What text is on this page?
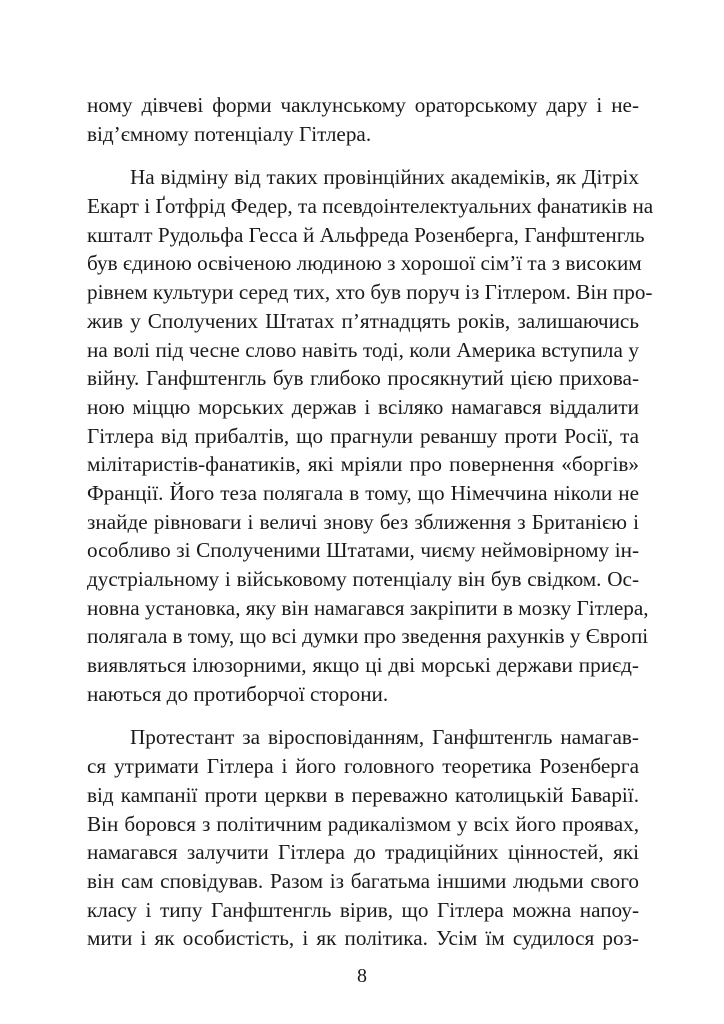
ному дівчеві форми чаклунському ораторському дару і не-
від’ємному потенціалу Гітлера.
На відміну від таких провінційних академіків, як Дітріх
Екарт і Ґотфрід Федер, та псевдоінтелектуальних фанатиків на
кшталт Рудольфа Гесса й Альфреда Розенберга, Ганфштенгль
був єдиною освіченою людиною з хорошої сім’ї та з високим
рівнем культури серед тих, хто був поруч із Гітлером. Він про-
жив у Сполучених Штатах п’ятнадцять років, залишаючись
на волі під чесне слово навіть тоді, коли Америка вступила у
війну. Ганфштенгль був глибоко просякнутий цією прихова-
ною міццю морських держав і всіляко намагався віддалити
Гітлера від прибалтів, що прагнули реваншу проти Росії, та
мілітаристів-фанатиків, які мріяли про повернення «боргів»
Франції. Його теза полягала в тому, що Німеччина ніколи не
знайде рівноваги і величі знову без зближення з Британією і
особливо зі Сполученими Штатами, чиєму неймовірному ін-
дустріальному і військовому потенціалу він був свідком. Ос-
новна установка, яку він намагався закріпити в мозку Гітлера,
полягала в тому, що всі думки про зведення рахунків у Європі
виявляться ілюзорними, якщо ці дві морські держави приєд-
наються до протиборчої сторони.
Протестант за віросповіданням, Ганфштенгль намагав-
ся утримати Гітлера і його головного теоретика Розенберга
від кампанії проти церкви в переважно католицькій Баварії.
Він боровся з політичним радикалізмом у всіх його проявах,
намагався залучити Гітлера до традиційних цінностей, які
він сам сповідував. Разом із багатьма іншими людьми свого
класу і типу Ганфштенгль вірив, що Гітлера можна напоу-
мити і як особистість, і як політика. Усім їм судилося роз-
8
